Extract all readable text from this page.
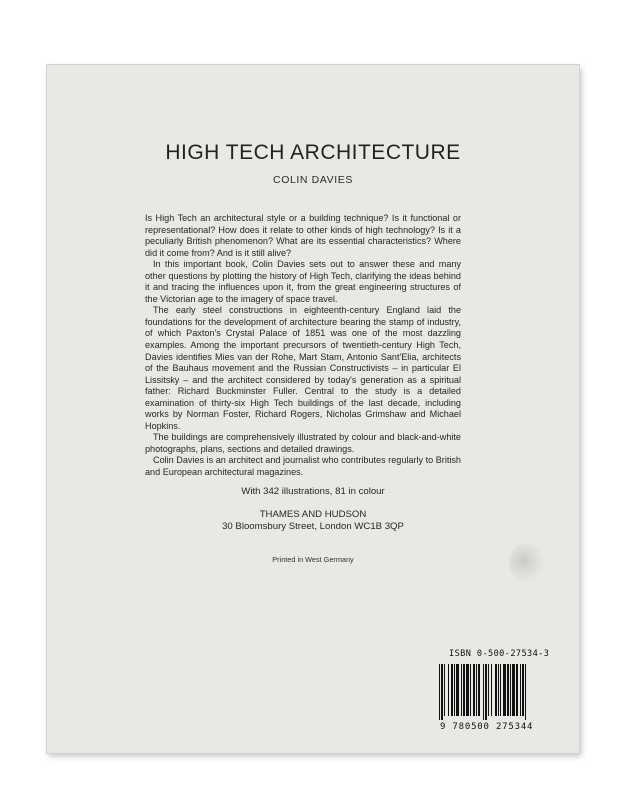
HIGH TECH ARCHITECTURE
COLIN DAVIES

Is High Tech an architectural style or a building technique? Is it functional or representational? How does it relate to other kinds of high technology? Is it a peculiarly British phenomenon? What are its essential characteristics? Where did it come from? And is it still alive?

In this important book, Colin Davies sets out to answer these and many other questions by plotting the history of High Tech, clarifying the ideas behind it and tracing the influences upon it, from the great engineering structures of the Victorian age to the imagery of space travel.

The early steel constructions in eighteenth-century England laid the foundations for the development of architecture bearing the stamp of industry, of which Paxton's Crystal Palace of 1851 was one of the most dazzling examples. Among the important precursors of twentieth-century High Tech, Davies identifies Mies van der Rohe, Mart Stam, Antonio Sant'Elia, architects of the Bauhaus movement and the Russian Constructivists – in particular El Lissitsky – and the architect considered by today's generation as a spiritual father: Richard Buckminster Fuller. Central to the study is a detailed examination of thirty-six High Tech buildings of the last decade, including works by Norman Foster, Richard Rogers, Nicholas Grimshaw and Michael Hopkins.

The buildings are comprehensively illustrated by colour and black-and-white photographs, plans, sections and detailed drawings.

Colin Davies is an architect and journalist who contributes regularly to British and European architectural magazines.

With 342 illustrations, 81 in colour
THAMES AND HUDSON
30 Bloomsbury Street, London WC1B 3QP
Printed in West Germany
ISBN 0-500-27534-3
9 780500 275344
